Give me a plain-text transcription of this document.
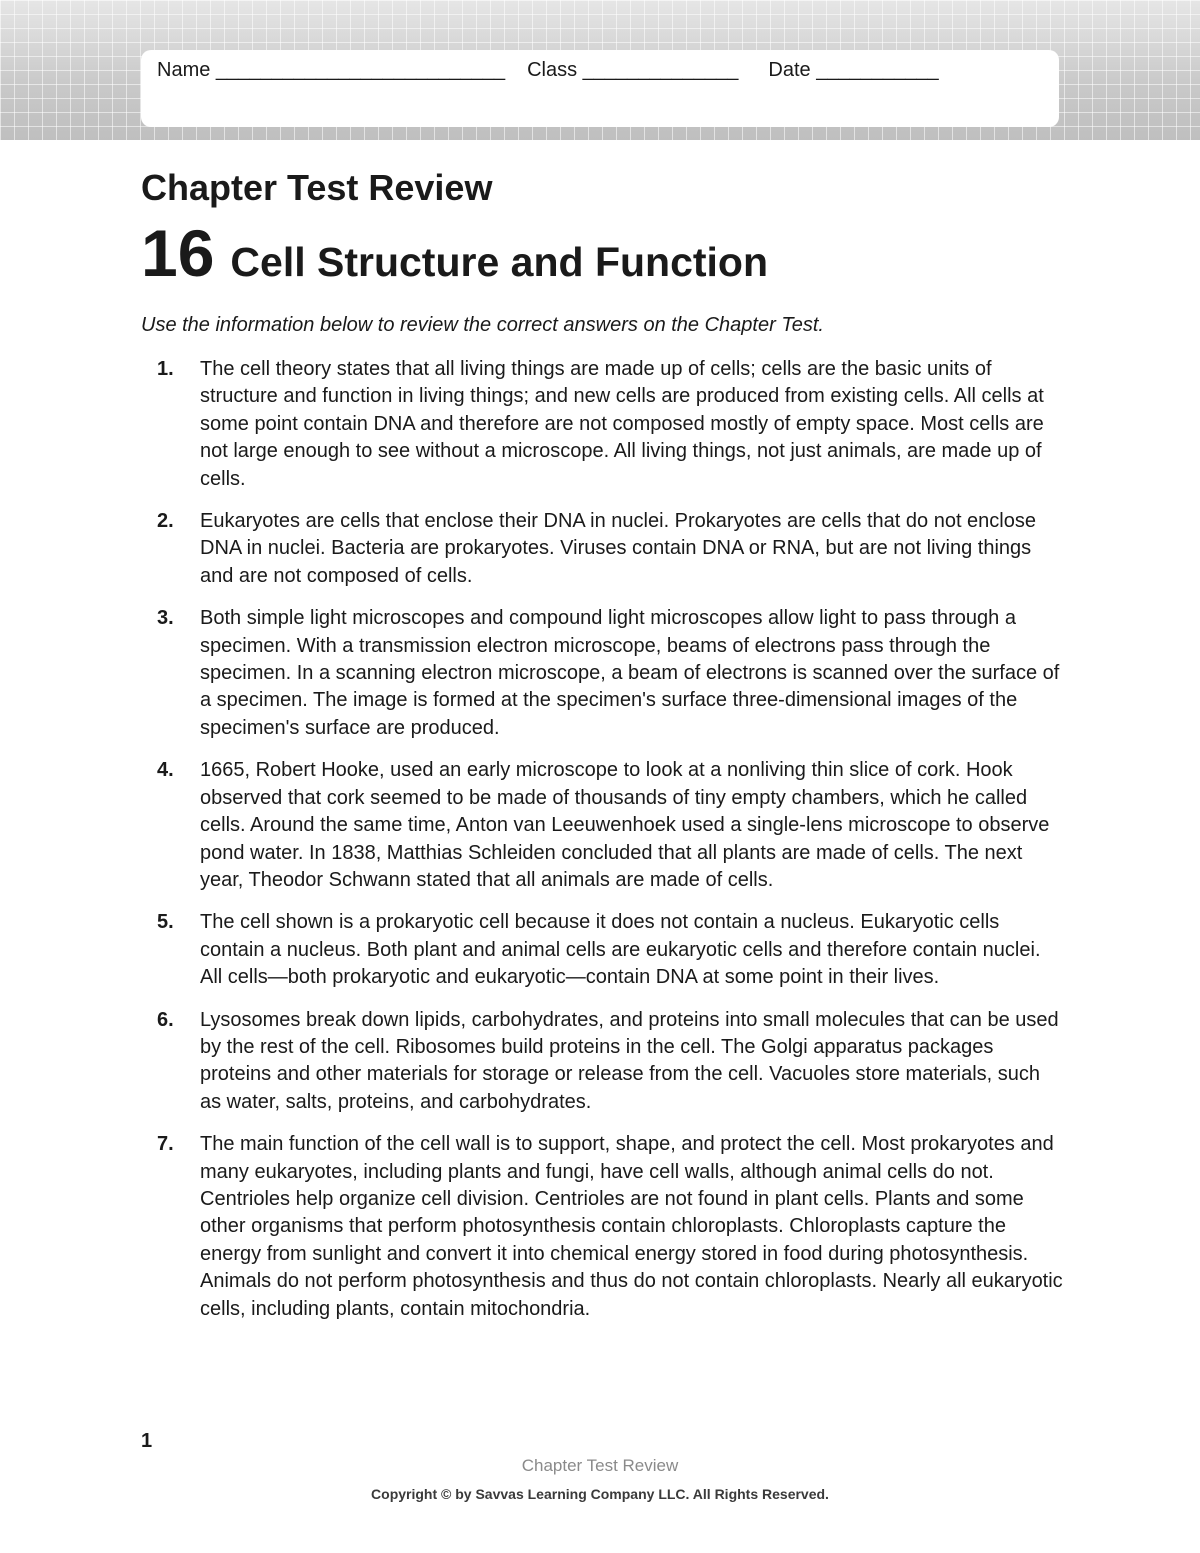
Name __________________________ Class ______________ Date ___________
Chapter Test Review
16 Cell Structure and Function
Use the information below to review the correct answers on the Chapter Test.
1. The cell theory states that all living things are made up of cells; cells are the basic units of structure and function in living things; and new cells are produced from existing cells. All cells at some point contain DNA and therefore are not composed mostly of empty space. Most cells are not large enough to see without a microscope. All living things, not just animals, are made up of cells.
2. Eukaryotes are cells that enclose their DNA in nuclei. Prokaryotes are cells that do not enclose DNA in nuclei. Bacteria are prokaryotes. Viruses contain DNA or RNA, but are not living things and are not composed of cells.
3. Both simple light microscopes and compound light microscopes allow light to pass through a specimen. With a transmission electron microscope, beams of electrons pass through the specimen. In a scanning electron microscope, a beam of electrons is scanned over the surface of a specimen. The image is formed at the specimen's surface three-dimensional images of the specimen's surface are produced.
4. 1665, Robert Hooke, used an early microscope to look at a nonliving thin slice of cork. Hook observed that cork seemed to be made of thousands of tiny empty chambers, which he called cells. Around the same time, Anton van Leeuwenhoek used a single-lens microscope to observe pond water. In 1838, Matthias Schleiden concluded that all plants are made of cells. The next year, Theodor Schwann stated that all animals are made of cells.
5. The cell shown is a prokaryotic cell because it does not contain a nucleus. Eukaryotic cells contain a nucleus. Both plant and animal cells are eukaryotic cells and therefore contain nuclei. All cells—both prokaryotic and eukaryotic—contain DNA at some point in their lives.
6. Lysosomes break down lipids, carbohydrates, and proteins into small molecules that can be used by the rest of the cell. Ribosomes build proteins in the cell. The Golgi apparatus packages proteins and other materials for storage or release from the cell. Vacuoles store materials, such as water, salts, proteins, and carbohydrates.
7. The main function of the cell wall is to support, shape, and protect the cell. Most prokaryotes and many eukaryotes, including plants and fungi, have cell walls, although animal cells do not. Centrioles help organize cell division. Centrioles are not found in plant cells. Plants and some other organisms that perform photosynthesis contain chloroplasts. Chloroplasts capture the energy from sunlight and convert it into chemical energy stored in food during photosynthesis. Animals do not perform photosynthesis and thus do not contain chloroplasts. Nearly all eukaryotic cells, including plants, contain mitochondria.
1
Chapter Test Review
Copyright © by Savvas Learning Company LLC. All Rights Reserved.
